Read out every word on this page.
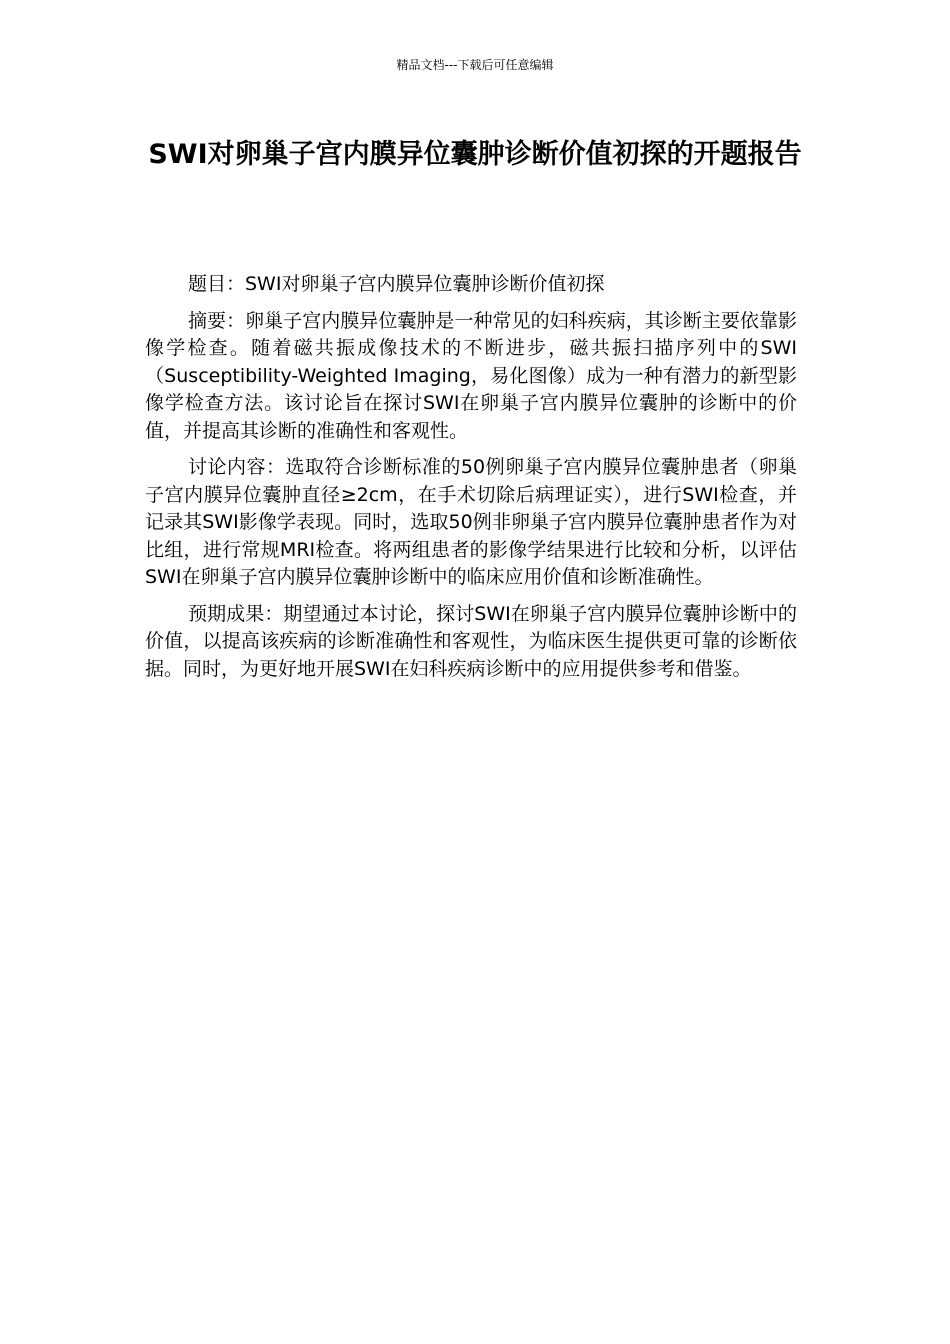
精品文档---下载后可任意编辑
SWI对卵巢子宫内膜异位囊肿诊断价值初探的开题报告

题目：SWI对卵巢子宫内膜异位囊肿诊断价值初探

摘要：卵巢子宫内膜异位囊肿是一种常见的妇科疾病，其诊断主要依靠影像学检查。随着磁共振成像技术的不断进步，磁共振扫描序列中的SWI（Susceptibility-Weighted Imaging，易化图像）成为一种有潜力的新型影像学检查方法。该讨论旨在探讨SWI在卵巢子宫内膜异位囊肿的诊断中的价值，并提高其诊断的准确性和客观性。

讨论内容：选取符合诊断标准的50例卵巢子宫内膜异位囊肿患者（卵巢子宫内膜异位囊肿直径≥2cm，在手术切除后病理证实），进行SWI检查，并记录其SWI影像学表现。同时，选取50例非卵巢子宫内膜异位囊肿患者作为对比组，进行常规MRI检查。将两组患者的影像学结果进行比较和分析，以评估SWI在卵巢子宫内膜异位囊肿诊断中的临床应用价值和诊断准确性。

预期成果：期望通过本讨论，探讨SWI在卵巢子宫内膜异位囊肿诊断中的价值，以提高该疾病的诊断准确性和客观性，为临床医生提供更可靠的诊断依据。同时，为更好地开展SWI在妇科疾病诊断中的应用提供参考和借鉴。
